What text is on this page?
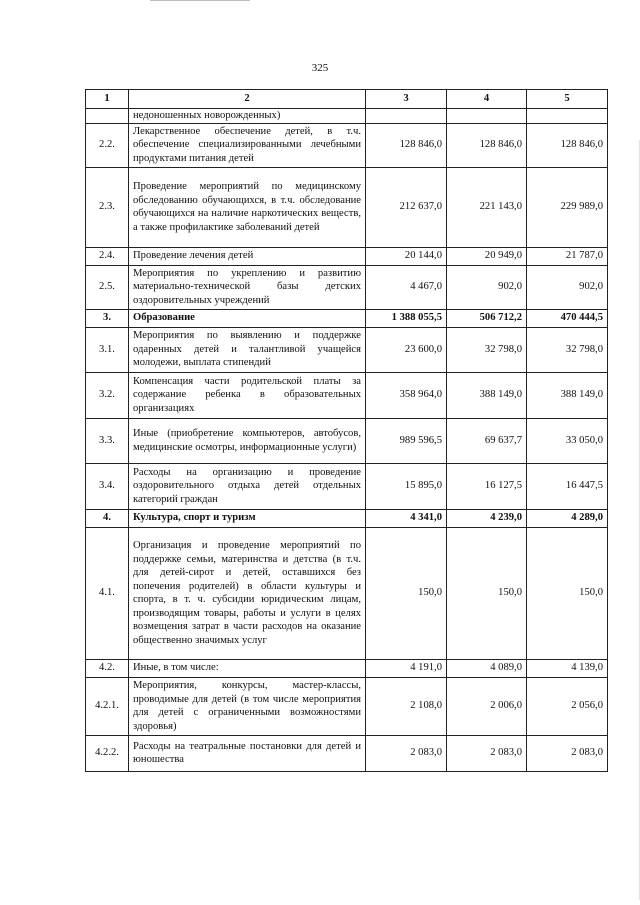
325
1	2	3	4	5
	недоношенных новорожденных)			
2.2.	Лекарственное обеспечение детей, в т.ч. обеспечение специализированными лечебными продуктами питания детей	128 846,0	128 846,0	128 846,0
2.3.	Проведение мероприятий по медицинскому обследованию обучающихся, в т.ч. обследование обучающихся на наличие наркотических веществ, а также профилактике заболеваний детей	212 637,0	221 143,0	229 989,0
2.4.	Проведение лечения детей	20 144,0	20 949,0	21 787,0
2.5.	Мероприятия по укреплению и развитию материально-технической базы детских оздоровительных учреждений	4 467,0	902,0	902,0
3.	Образование	1 388 055,5	506 712,2	470 444,5
3.1.	Мероприятия по выявлению и поддержке одаренных детей и талантливой учащейся молодежи, выплата стипендий	23 600,0	32 798,0	32 798,0
3.2.	Компенсация части родительской платы за содержание ребенка в образовательных организациях	358 964,0	388 149,0	388 149,0
3.3.	Иные (приобретение компьютеров, автобусов, медицинские осмотры, информационные услуги)	989 596,5	69 637,7	33 050,0
3.4.	Расходы на организацию и проведение оздоровительного отдыха детей отдельных категорий граждан	15 895,0	16 127,5	16 447,5
4.	Культура, спорт и туризм	4 341,0	4 239,0	4 289,0
4.1.	Организация и проведение мероприятий по поддержке семьи, материнства и детства (в т.ч. для детей-сирот и детей, оставшихся без попечения родителей) в области культуры и спорта, в т. ч. субсидии юридическим лицам, производящим товары, работы и услуги в целях возмещения затрат в части расходов на оказание общественно значимых услуг	150,0	150,0	150,0
4.2.	Иные, в том числе:	4 191,0	4 089,0	4 139,0
4.2.1.	Мероприятия, конкурсы, мастер-классы, проводимые для детей (в том числе мероприятия для детей с ограниченными возможностями здоровья)	2 108,0	2 006,0	2 056,0
4.2.2.	Расходы на театральные постановки для детей и юношества	2 083,0	2 083,0	2 083,0
